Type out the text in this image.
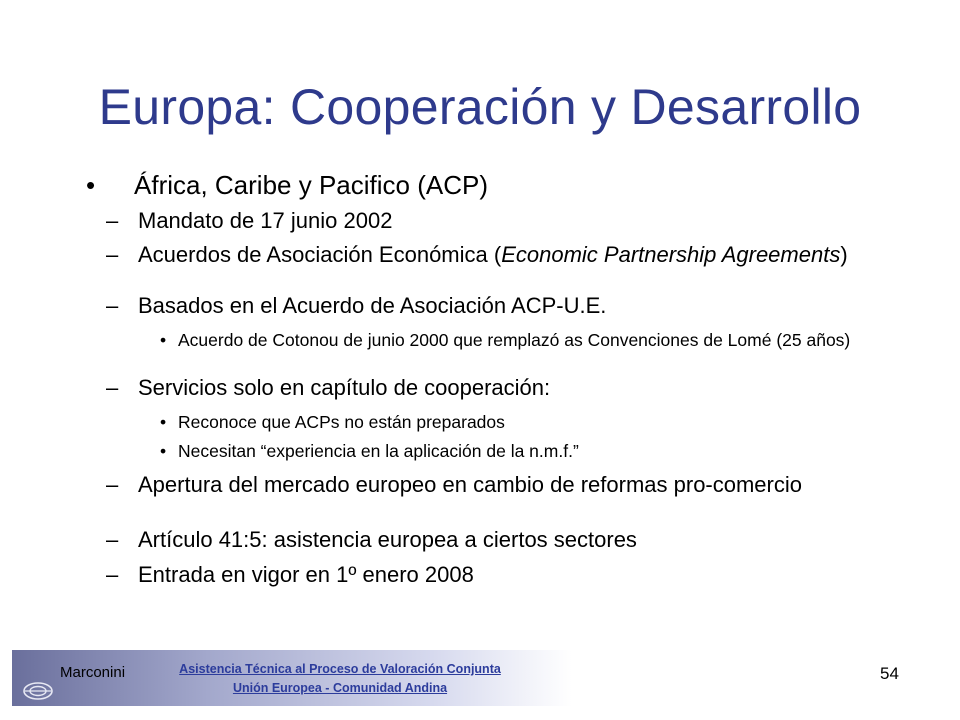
Europa: Cooperación y Desarrollo
•	África, Caribe y Pacifico (ACP)
– Mandato de 17 junio 2002
– Acuerdos de Asociación Económica (Economic Partnership Agreements)
– Basados en el Acuerdo de Asociación ACP-U.E.
• Acuerdo de Cotonou de junio 2000 que remplazó as Convenciones de Lomé (25 años)
– Servicios solo en capítulo de cooperación:
• Reconoce que ACPs no están preparados
• Necesitan “experiencia en la aplicación de la n.m.f.”
– Apertura del mercado europeo en cambio de reformas pro-comercio
– Artículo 41:5: asistencia europea a ciertos sectores
– Entrada en vigor en 1º enero 2008
Marconini	Asistencia Técnica al Proceso de Valoración Conjunta
Unión Europea - Comunidad Andina
54
